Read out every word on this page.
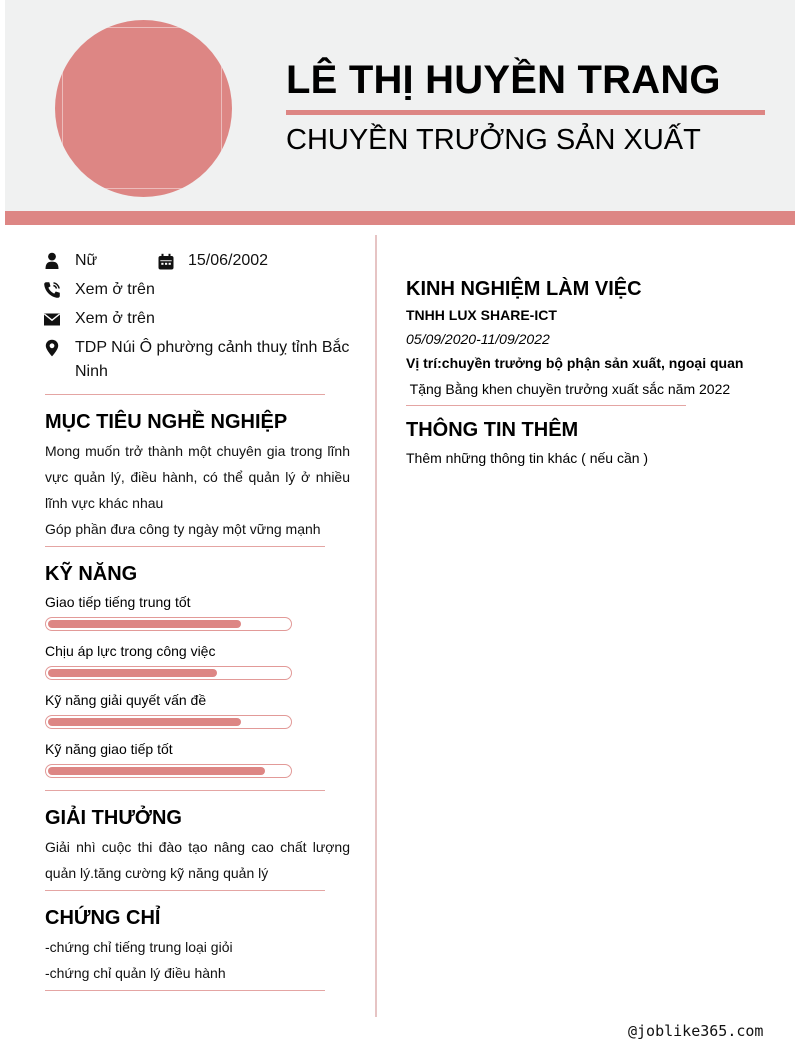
LÊ THỊ HUYỀN TRANG
CHUYỀN TRƯỞNG SẢN XUẤT
Nữ	15/06/2002
Xem ở trên
Xem ở trên
TDP Núi Ô phường cảnh thuỵ tỉnh Bắc Ninh
MỤC TIÊU NGHỀ NGHIỆP
Mong muốn trở thành một chuyên gia trong lĩnh vực quản lý, điều hành, có thể quản lý ở nhiều lĩnh vực khác nhau
Góp phần đưa công ty ngày một vững mạnh
KỸ NĂNG
Giao tiếp tiếng trung tốt
Chịu áp lực trong công việc
Kỹ năng giải quyết vấn đề
Kỹ năng giao tiếp tốt
GIẢI THƯỞNG
Giải nhì cuộc thi đào tạo nâng cao chất lượng quản lý.tăng cường kỹ năng quản lý
CHỨNG CHỈ
-chứng chỉ tiếng trung loại giỏi
-chứng chỉ quản lý điều hành
KINH NGHIỆM LÀM VIỆC
TNHH LUX SHARE-ICT
05/09/2020-11/09/2022
Vị trí:chuyền trưởng bộ phận sản xuất, ngoại quan
Tặng Bằng khen chuyền trưởng xuất sắc năm 2022
THÔNG TIN THÊM
Thêm những thông tin khác ( nếu cần )
@joblike365.com
